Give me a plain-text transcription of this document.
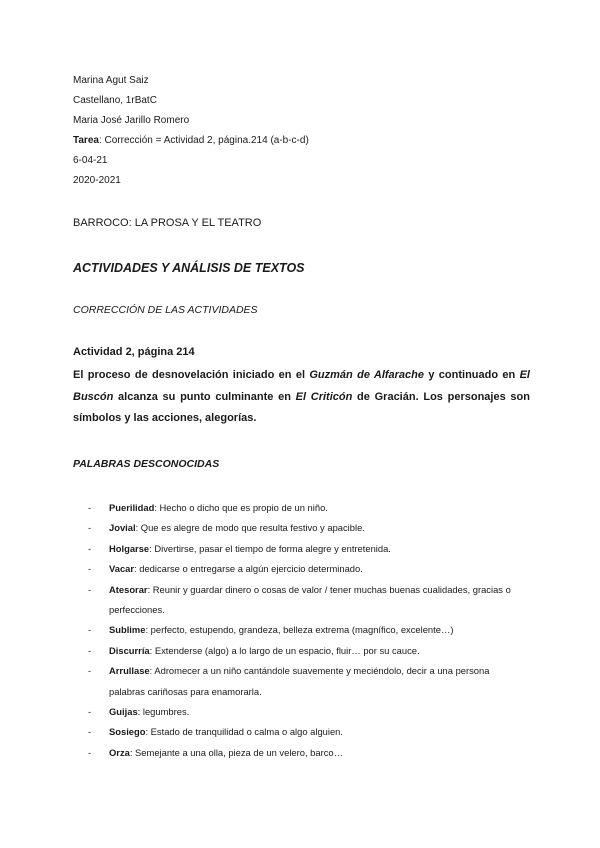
Marina Agut Saiz
Castellano, 1rBatC
Maria José Jarillo Romero
Tarea: Corrección = Actividad 2, página.214 (a-b-c-d)
6-04-21
2020-2021
BARROCO: LA PROSA Y EL TEATRO
ACTIVIDADES Y ANÁLISIS DE TEXTOS
CORRECCIÓN DE LAS ACTIVIDADES
Actividad 2, página 214

El proceso de desnovelación iniciado en el Guzmán de Alfarache y continuado en El Buscón alcanza su punto culminante en El Criticón de Gracián. Los personajes son símbolos y las acciones, alegorías.

PALABRAS DESCONOCIDAS
- Puerilidad: Hecho o dicho que es propio de un niño.
- Jovial: Que es alegre de modo que resulta festivo y apacible.
- Holgarse: Divertirse, pasar el tiempo de forma alegre y entretenida.
- Vacar: dedicarse o entregarse a algún ejercicio determinado.
- Atesorar: Reunir y guardar dinero o cosas de valor / tener muchas buenas cualidades, gracias o perfecciones.
- Sublime: perfecto, estupendo, grandeza, belleza extrema (magnífico, excelente…)
- Discurría: Extenderse (algo) a lo largo de un espacio, fluir… por su cauce.
- Arrullase: Adromecer a un niño cantándole suavemente y meciéndolo, decir a una persona palabras cariñosas para enamorarla.
- Guijas: legumbres.
- Sosiego: Estado de tranquilidad o calma o algo alguien.
- Orza: Semejante a una olla, pieza de un velero, barco…
